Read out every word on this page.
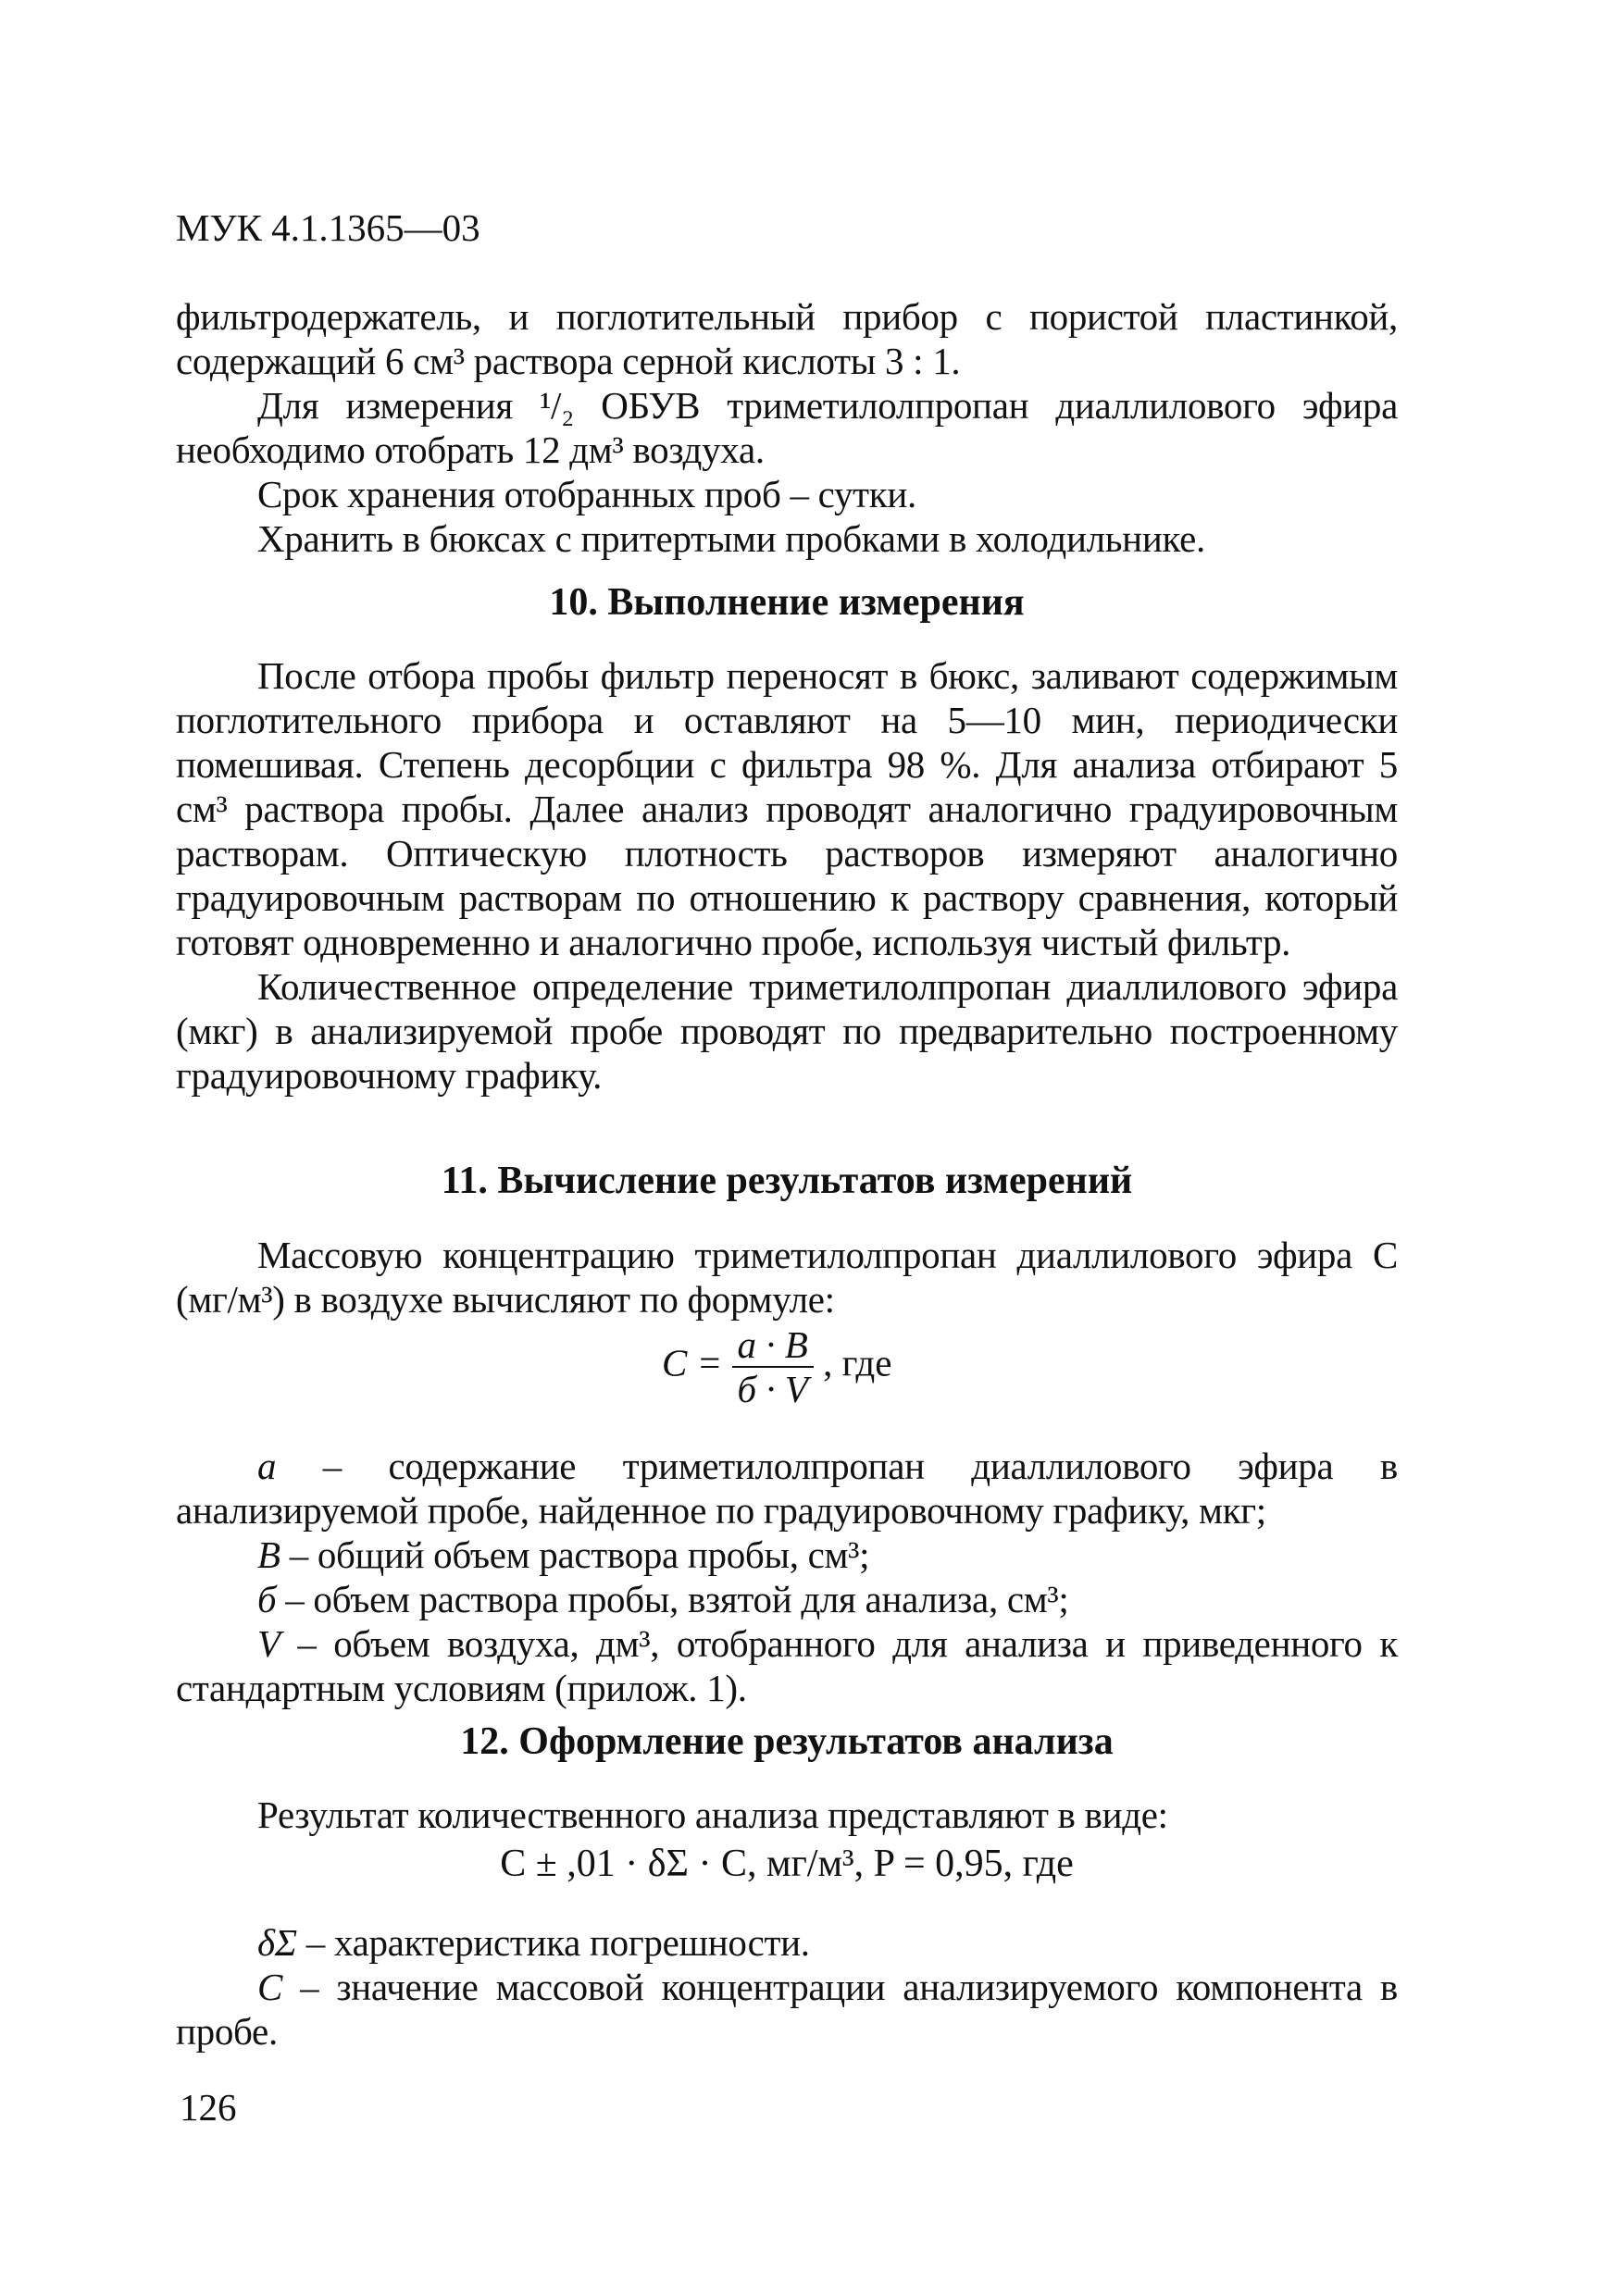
МУК 4.1.1365—03

фильтродержатель, и поглотительный прибор с пористой пластинкой, содержащий 6 см³ раствора серной кислоты 3 : 1.

Для измерения ¹/₂ ОБУВ триметилолпропан диаллилового эфира необходимо отобрать 12 дм³ воздуха.

Срок хранения отобранных проб – сутки.

Хранить в бюксах с притертыми пробками в холодильнике.

10. Выполнение измерения

После отбора пробы фильтр переносят в бюкс, заливают содержимым поглотительного прибора и оставляют на 5—10 мин, периодически помешивая. Степень десорбции с фильтра 98 %. Для анализа отбирают 5 см³ раствора пробы. Далее анализ проводят аналогично градуировочным растворам. Оптическую плотность растворов измеряют аналогично градуировочным растворам по отношению к раствору сравнения, который готовят одновременно и аналогично пробе, используя чистый фильтр.

Количественное определение триметилолпропан диаллилового эфира (мкг) в анализируемой пробе проводят по предварительно построенному градуировочному графику.

11. Вычисление результатов измерений

Массовую концентрацию триметилолпропан диаллилового эфира С (мг/м³) в воздухе вычисляют по формуле:

$C = \frac{a \cdot B}{б \cdot V}$ , где

a – содержание триметилолпропан диаллилового эфира в анализируемой пробе, найденное по градуировочному графику, мкг;

B – общий объем раствора пробы, см³;

б – объем раствора пробы, взятой для анализа, см³;

V – объем воздуха, дм³, отобранного для анализа и приведенного к стандартным условиям (прилож. 1).

12. Оформление результатов анализа

Результат количественного анализа представляют в виде:

C ± ,01 · δΣ · C, мг/м³, P = 0,95, где

δΣ – характеристика погрешности.

C – значение массовой концентрации анализируемого компонента в пробе.

126
